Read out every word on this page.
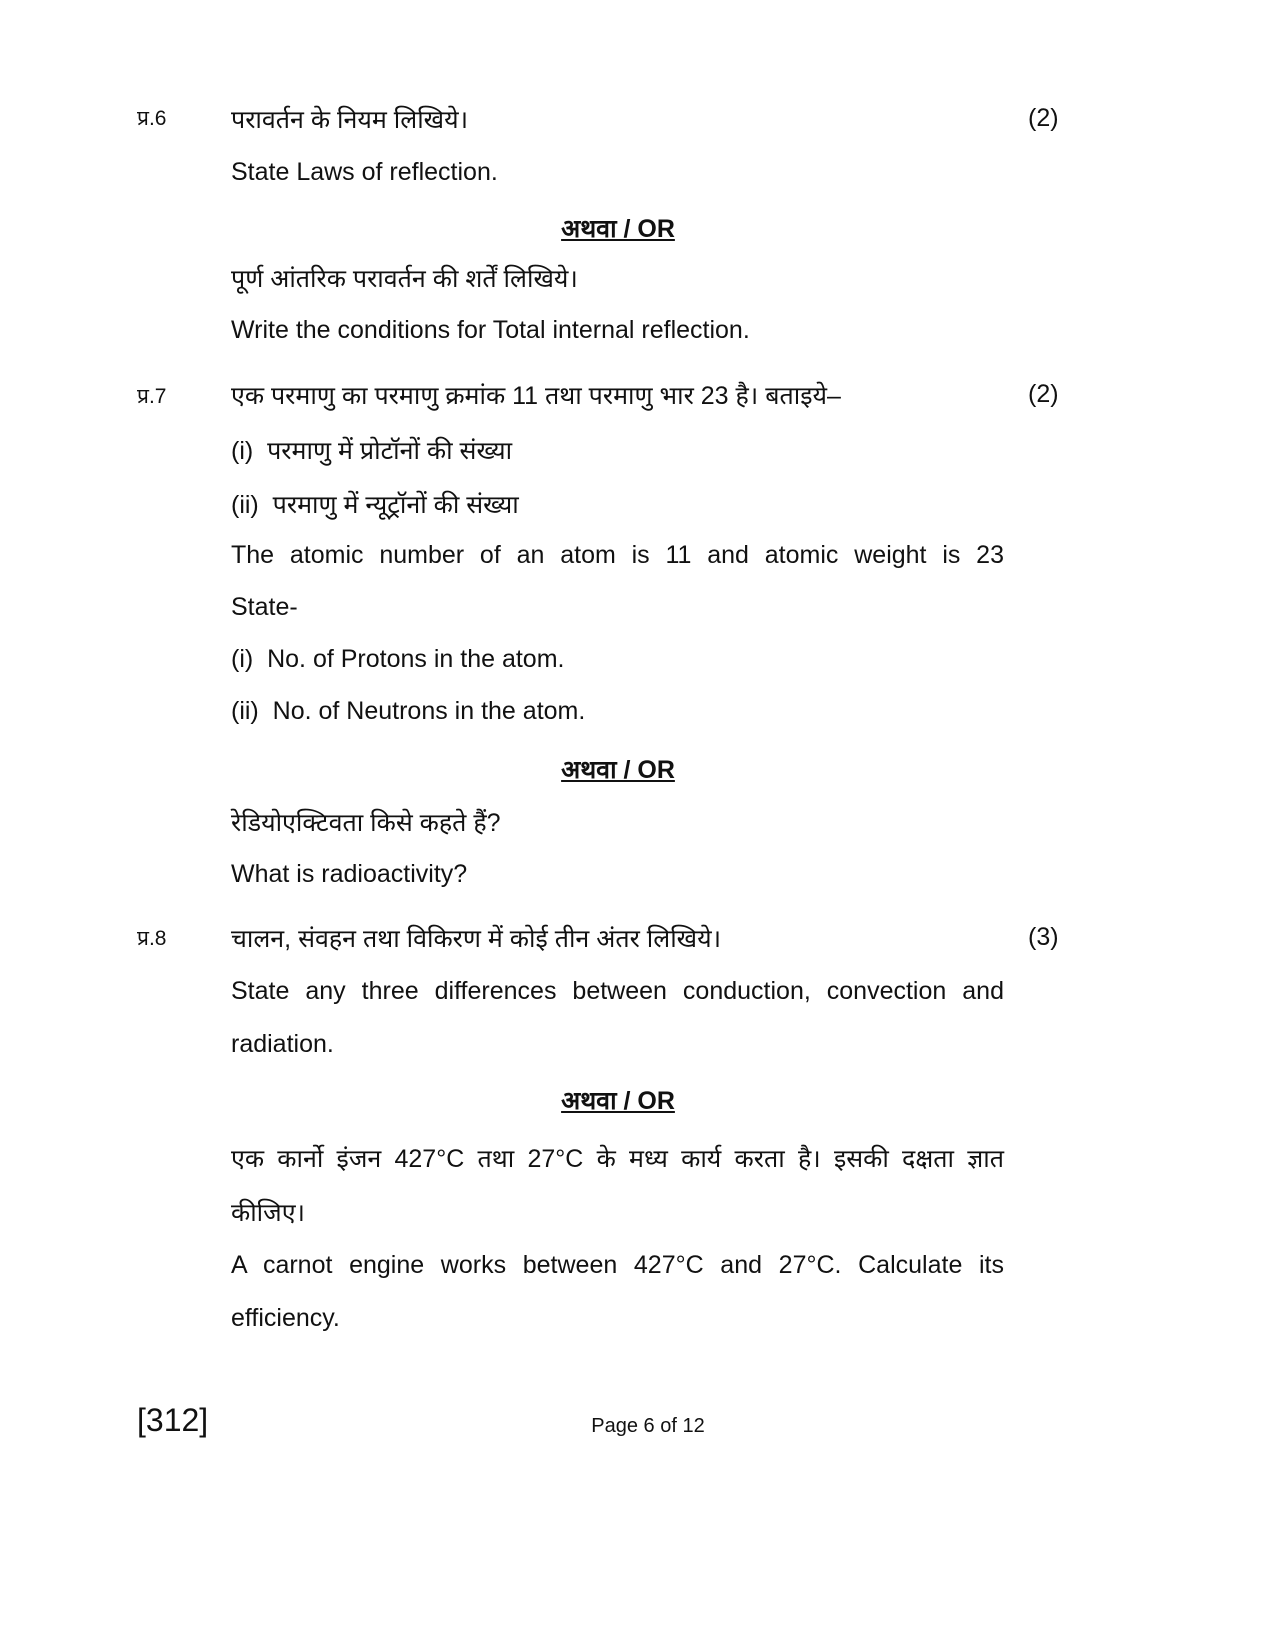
प्र.6	परावर्तन के नियम लिखिये।	(2)
State Laws of reflection.
अथवा / OR
पूर्ण आंतरिक परावर्तन की शर्तें लिखिये।
Write the conditions for Total internal reflection.
प्र.7	एक परमाणु का परमाणु क्रमांक 11 तथा परमाणु भार 23 है। बताइये–	(2)
(i)  परमाणु में प्रोटॉनों की संख्या
(ii)  परमाणु में न्यूट्रॉनों की संख्या
The atomic number of an atom is 11 and atomic weight is 23
State-
(i)  No. of Protons in the atom.
(ii)  No. of Neutrons in the atom.
अथवा / OR
रेडियोएक्टिवता किसे कहते हैं?
What is radioactivity?
प्र.8	चालन, संवहन तथा विकिरण में कोई तीन अंतर लिखिये।	(3)
State any three differences between conduction, convection and
radiation.
अथवा / OR
एक कार्नो इंजन 427°C तथा 27°C के मध्य कार्य करता है। इसकी दक्षता ज्ञात
कीजिए।
A carnot engine works between 427°C and 27°C. Calculate its
efficiency.
[312]	Page 6 of 12
